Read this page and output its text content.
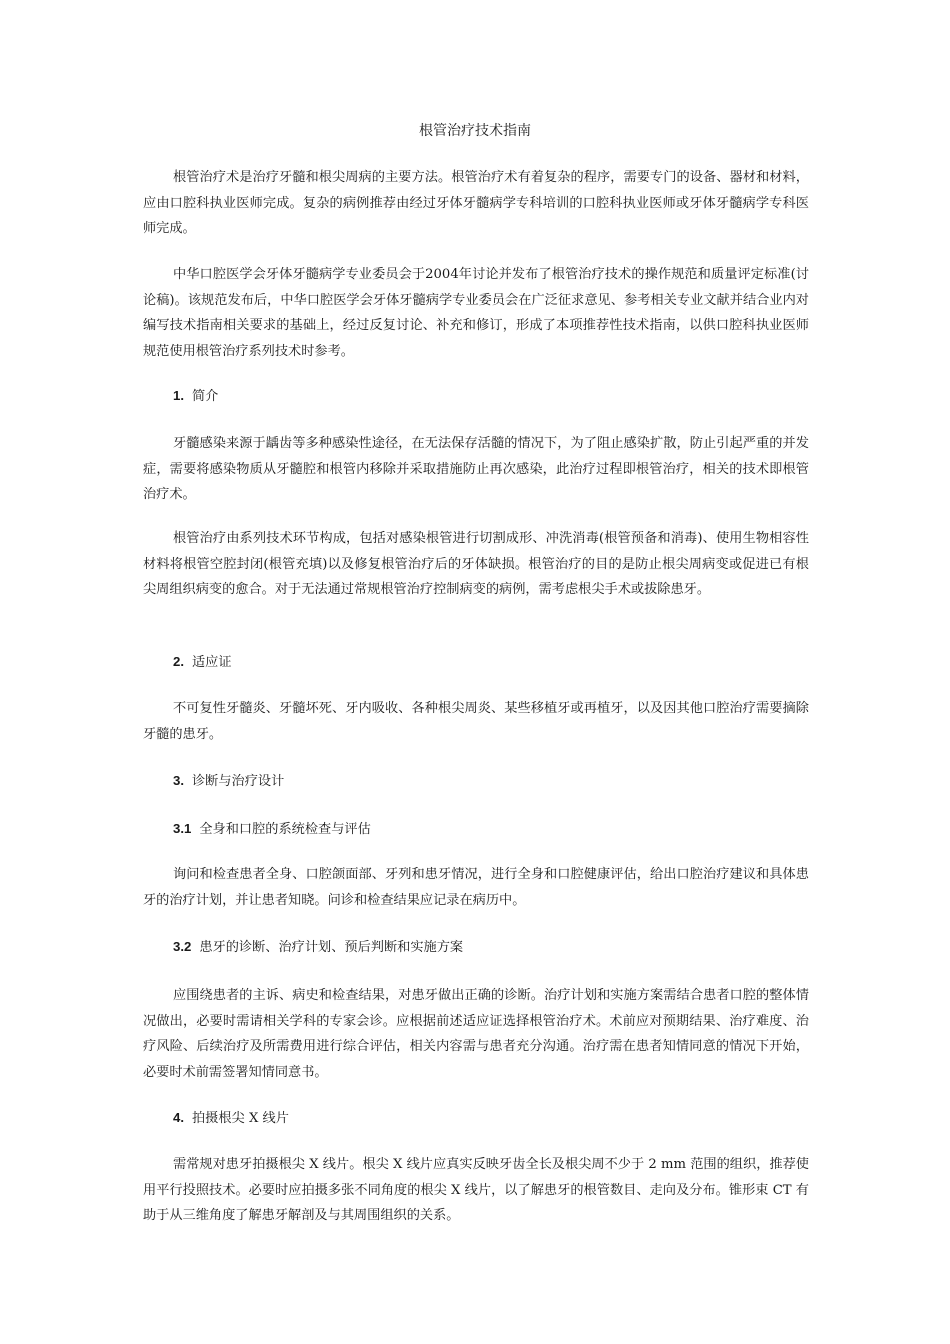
根管治疗技术指南

根管治疗术是治疗牙髓和根尖周病的主要方法。根管治疗术有着复杂的程序，需要专门的设备、器材和材料，应由口腔科执业医师完成。复杂的病例推荐由经过牙体牙髓病学专科培训的口腔科执业医师或牙体牙髓病学专科医师完成。

中华口腔医学会牙体牙髓病学专业委员会于2004年讨论并发布了根管治疗技术的操作规范和质量评定标准(讨论稿)。该规范发布后，中华口腔医学会牙体牙髓病学专业委员会在广泛征求意见、参考相关专业文献并结合业内对编写技术指南相关要求的基础上，经过反复讨论、补充和修订，形成了本项推荐性技术指南，以供口腔科执业医师规范使用根管治疗系列技术时参考。

1. 简介

牙髓感染来源于龋齿等多种感染性途径，在无法保存活髓的情况下，为了阻止感染扩散，防止引起严重的并发症，需要将感染物质从牙髓腔和根管内移除并采取措施防止再次感染，此治疗过程即根管治疗，相关的技术即根管治疗术。

根管治疗由系列技术环节构成，包括对感染根管进行切割成形、冲洗消毒(根管预备和消毒)、使用生物相容性材料将根管空腔封闭(根管充填)以及修复根管治疗后的牙体缺损。根管治疗的目的是防止根尖周病变或促进已有根尖周组织病变的愈合。对于无法通过常规根管治疗控制病变的病例，需考虑根尖手术或拔除患牙。

2. 适应证

不可复性牙髓炎、牙髓坏死、牙内吸收、各种根尖周炎、某些移植牙或再植牙，以及因其他口腔治疗需要摘除牙髓的患牙。

3. 诊断与治疗设计
3.1 全身和口腔的系统检查与评估

询问和检查患者全身、口腔颌面部、牙列和患牙情况，进行全身和口腔健康评估，给出口腔治疗建议和具体患牙的治疗计划，并让患者知晓。问诊和检查结果应记录在病历中。

3.2 患牙的诊断、治疗计划、预后判断和实施方案

应围绕患者的主诉、病史和检查结果，对患牙做出正确的诊断。治疗计划和实施方案需结合患者口腔的整体情况做出，必要时需请相关学科的专家会诊。应根据前述适应证选择根管治疗术。术前应对预期结果、治疗难度、治疗风险、后续治疗及所需费用进行综合评估，相关内容需与患者充分沟通。治疗需在患者知情同意的情况下开始，必要时术前需签署知情同意书。

4. 拍摄根尖 X 线片

需常规对患牙拍摄根尖 X 线片。根尖 X 线片应真实反映牙齿全长及根尖周不少于 2 mm 范围的组织，推荐使用平行投照技术。必要时应拍摄多张不同角度的根尖 X 线片，以了解患牙的根管数目、走向及分布。锥形束 CT 有助于从三维角度了解患牙解剖及与其周围组织的关系。
